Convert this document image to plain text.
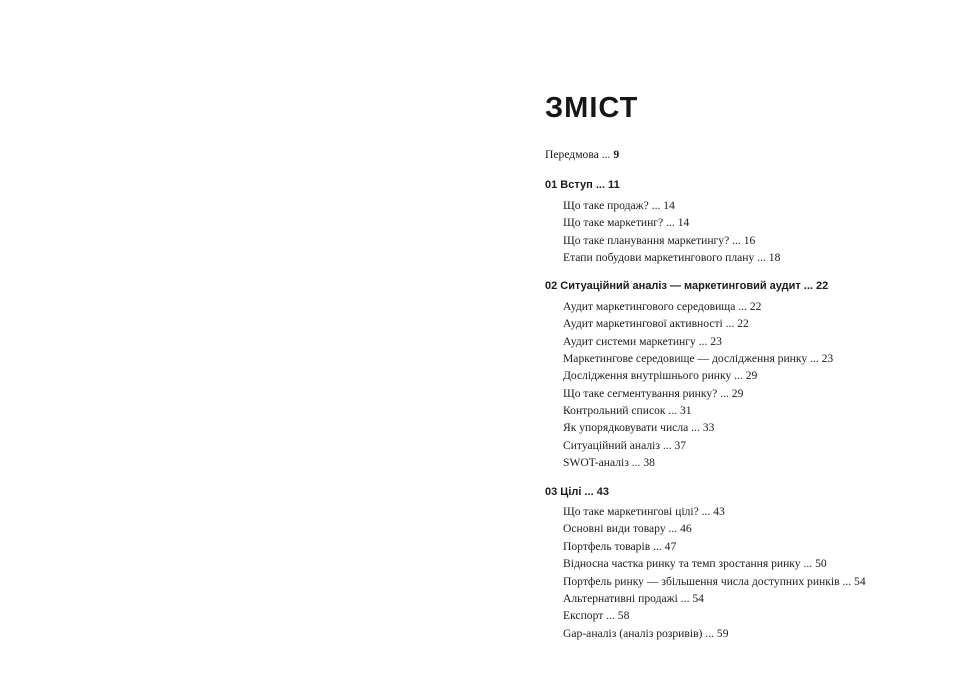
ЗМІСТ
Передмова ... 9
01 Вступ ... 11
Що таке продаж? ... 14
Що таке маркетинг? ... 14
Що таке планування маркетингу? ... 16
Етапи побудови маркетингового плану ... 18
02 Ситуаційний аналіз — маркетинговий аудит ... 22
Аудит маркетингового середовища ... 22
Аудит маркетингової активності ... 22
Аудит системи маркетингу ... 23
Маркетингове середовище — дослідження ринку ... 23
Дослідження внутрішнього ринку ... 29
Що таке сегментування ринку? ... 29
Контрольний список ... 31
Як упорядковувати числа ... 33
Ситуаційний аналіз ... 37
SWOT-аналіз ... 38
03 Цілі ... 43
Що таке маркетингові цілі? ... 43
Основні види товару ... 46
Портфель товарів ... 47
Відносна частка ринку та темп зростання ринку ... 50
Портфель ринку — збільшення числа доступних ринків ... 54
Альтернативні продажі ... 54
Експорт ... 58
Gap-аналіз (аналіз розривів) ... 59
